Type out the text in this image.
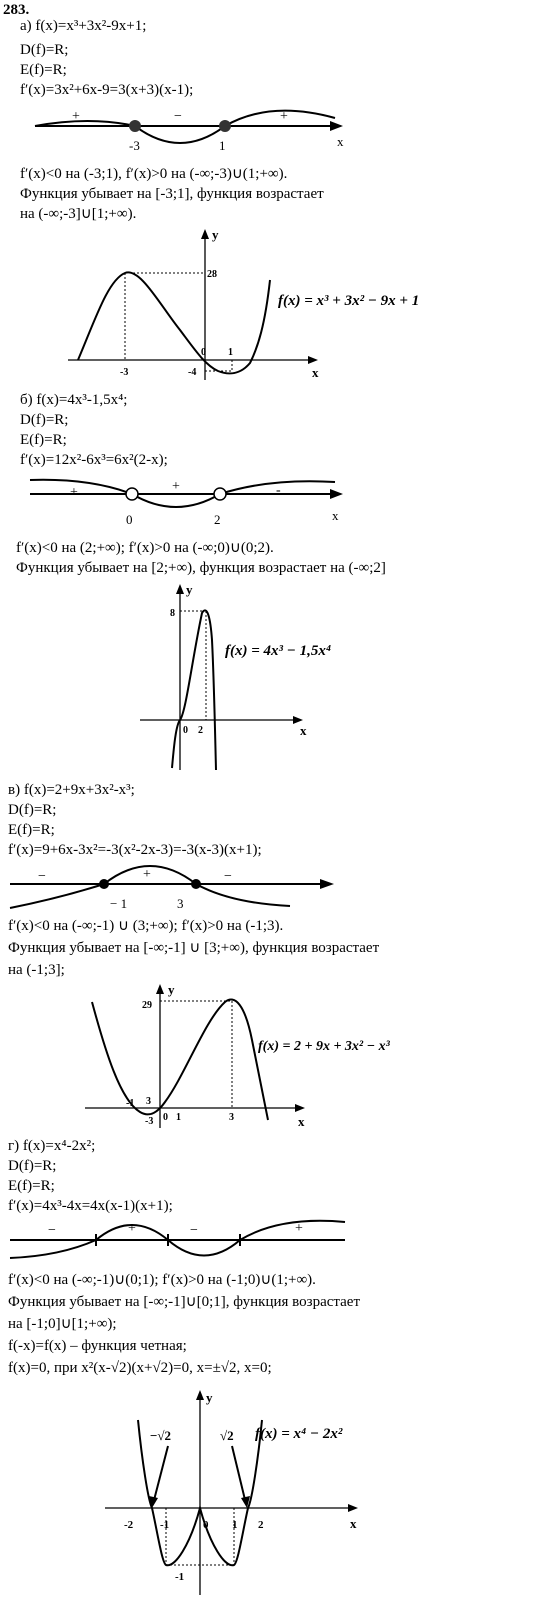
283.
а) f(x)=x³+3x²-9x+1;
D(f)=R;
E(f)=R;
f′(x)=3x²+6x-9=3(x+3)(x-1);
+	−	+
-3	1	x
f′(x)<0 на (-3;1), f′(x)>0 на (-∞;-3)∪(1;+∞).
Функция убывает на [-3;1], функция возрастает
на (-∞;-3]∪[1;+∞).
y
x
-3
0 1
28
-4
f(x) = x³ + 3x² − 9x + 1
б) f(x)=4x³-1,5x⁴;
D(f)=R;
E(f)=R;
f′(x)=12x²-6x³=6x²(2-x);
+	+	-
0	2	x
f′(x)<0 на (2;+∞); f′(x)>0 на (-∞;0)∪(0;2).
Функция убывает на [2;+∞), функция возрастает на (-∞;2]
y
x
8
0 2
f(x) = 4x³ − 1,5x⁴
в) f(x)=2+9x+3x²-x³;
D(f)=R;
E(f)=R;
f′(x)=9+6x-3x²=-3(x²-2x-3)=-3(x-3)(x+1);
−	+	−
− 1	3
f′(x)<0 на (-∞;-1) ∪ (3;+∞); f′(x)>0 на (-1;3).
Функция убывает на [-∞;-1] ∪ [3;+∞), функция возрастает
на (-1;3];
y
x
29
3
-1
0 1	3
-3
f(x) = 2 + 9x + 3x² − x³
г) f(x)=x⁴-2x²;
D(f)=R;
E(f)=R;
f′(x)=4x³-4x=4x(x-1)(x+1);
−	+	−	+
f′(x)<0 на (-∞;-1)∪(0;1); f′(x)>0 на (-1;0)∪(1;+∞).
Функция убывает на [-∞;-1]∪[0;1], функция возрастает
на [-1;0]∪[1;+∞);
f(-x)=f(x) – функция четная;
f(x)=0, при x²(x-√2)(x+√2)=0, x=±√2, x=0;
y
x
−√2	√2
-2 -1	0 1 2
-1
f(x) = x⁴ − 2x²
